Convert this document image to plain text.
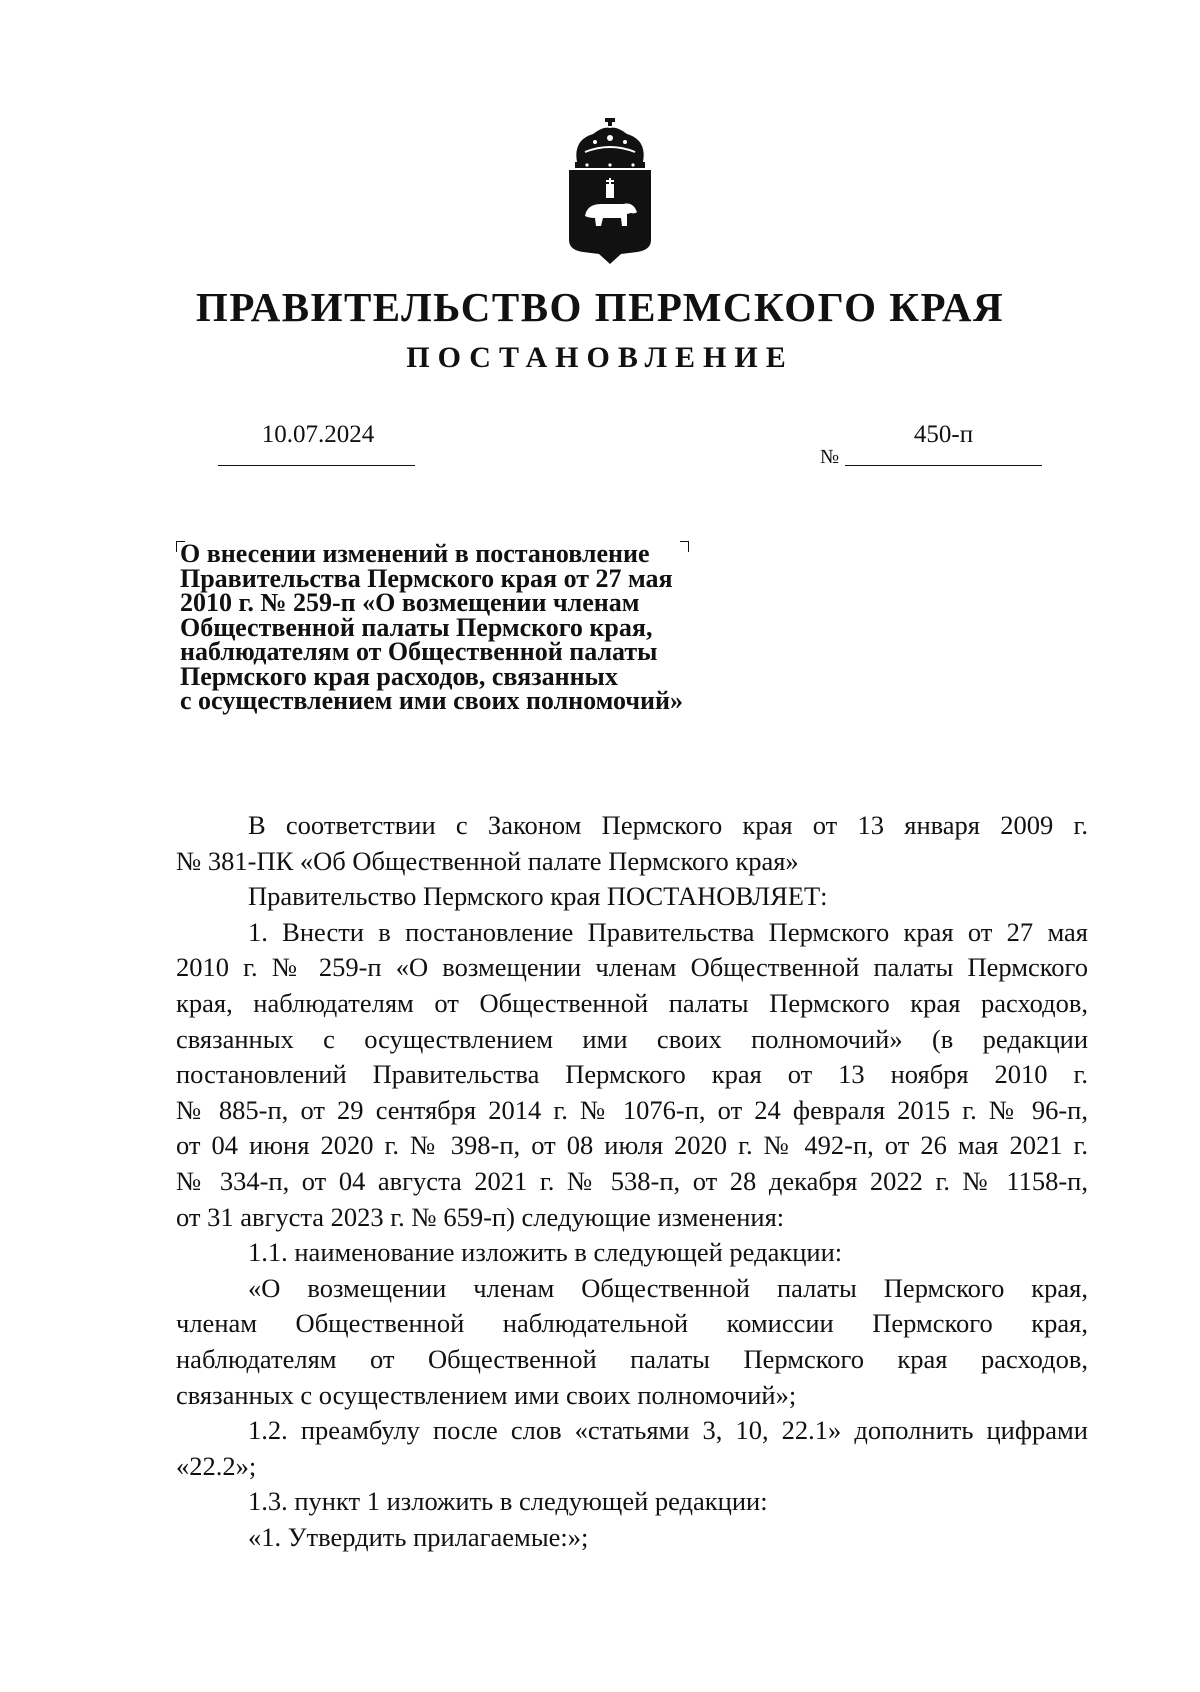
ПРАВИТЕЛЬСТВО ПЕРМСКОГО КРАЯ
ПОСТАНОВЛЕНИЕ
10.07.2024
№
450-п
О внесении изменений в постановление
Правительства Пермского края от 27 мая
2010 г. № 259-п «О возмещении членам
Общественной палаты Пермского края,
наблюдателям от Общественной палаты
Пермского края расходов, связанных
с осуществлением ими своих полномочий»

В соответствии с Законом Пермского края от 13 января 2009 г.

№ 381-ПК «Об Общественной палате Пермского края»

Правительство Пермского края ПОСТАНОВЛЯЕТ:

1. Внести в постановление Правительства Пермского края от 27 мая

2010 г. № 259-п «О возмещении членам Общественной палаты Пермского

края, наблюдателям от Общественной палаты Пермского края расходов,

связанных с осуществлением ими своих полномочий» (в редакции

постановлений Правительства Пермского края от 13 ноября 2010 г.

№ 885-п, от 29 сентября 2014 г. № 1076-п, от 24 февраля 2015 г. № 96-п,

от 04 июня 2020 г. № 398-п, от 08 июля 2020 г. № 492-п, от 26 мая 2021 г.

№ 334-п, от 04 августа 2021 г. № 538-п, от 28 декабря 2022 г. № 1158-п,

от 31 августа 2023 г. № 659-п) следующие изменения:

1.1. наименование изложить в следующей редакции:

«О возмещении членам Общественной палаты Пермского края,

членам Общественной наблюдательной комиссии Пермского края,

наблюдателям от Общественной палаты Пермского края расходов,

связанных с осуществлением ими своих полномочий»;

1.2. преамбулу после слов «статьями 3, 10, 22.1» дополнить цифрами

«22.2»;

1.3. пункт 1 изложить в следующей редакции:

«1. Утвердить прилагаемые:»;
